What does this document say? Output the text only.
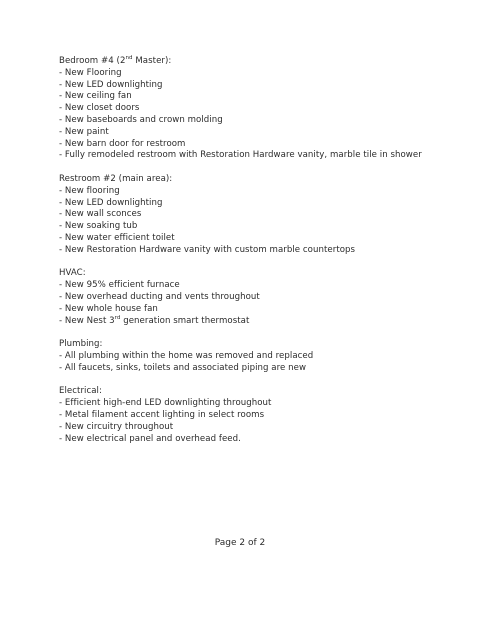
Bedroom #4 (2nd Master):
- New Flooring
- New LED downlighting
- New ceiling fan
- New closet doors
- New baseboards and crown molding
- New paint
- New barn door for restroom
- Fully remodeled restroom with Restoration Hardware vanity, marble tile in shower
Restroom #2 (main area):
- New flooring
- New LED downlighting
- New wall sconces
- New soaking tub
- New water efficient toilet
- New Restoration Hardware vanity with custom marble countertops
HVAC:
- New 95% efficient furnace
- New overhead ducting and vents throughout
- New whole house fan
- New Nest 3rd generation smart thermostat
Plumbing:
- All plumbing within the home was removed and replaced
- All faucets, sinks, toilets and associated piping are new
Electrical:
- Efficient high-end LED downlighting throughout
- Metal filament accent lighting in select rooms
- New circuitry throughout
- New electrical panel and overhead feed.
Page 2 of 2
